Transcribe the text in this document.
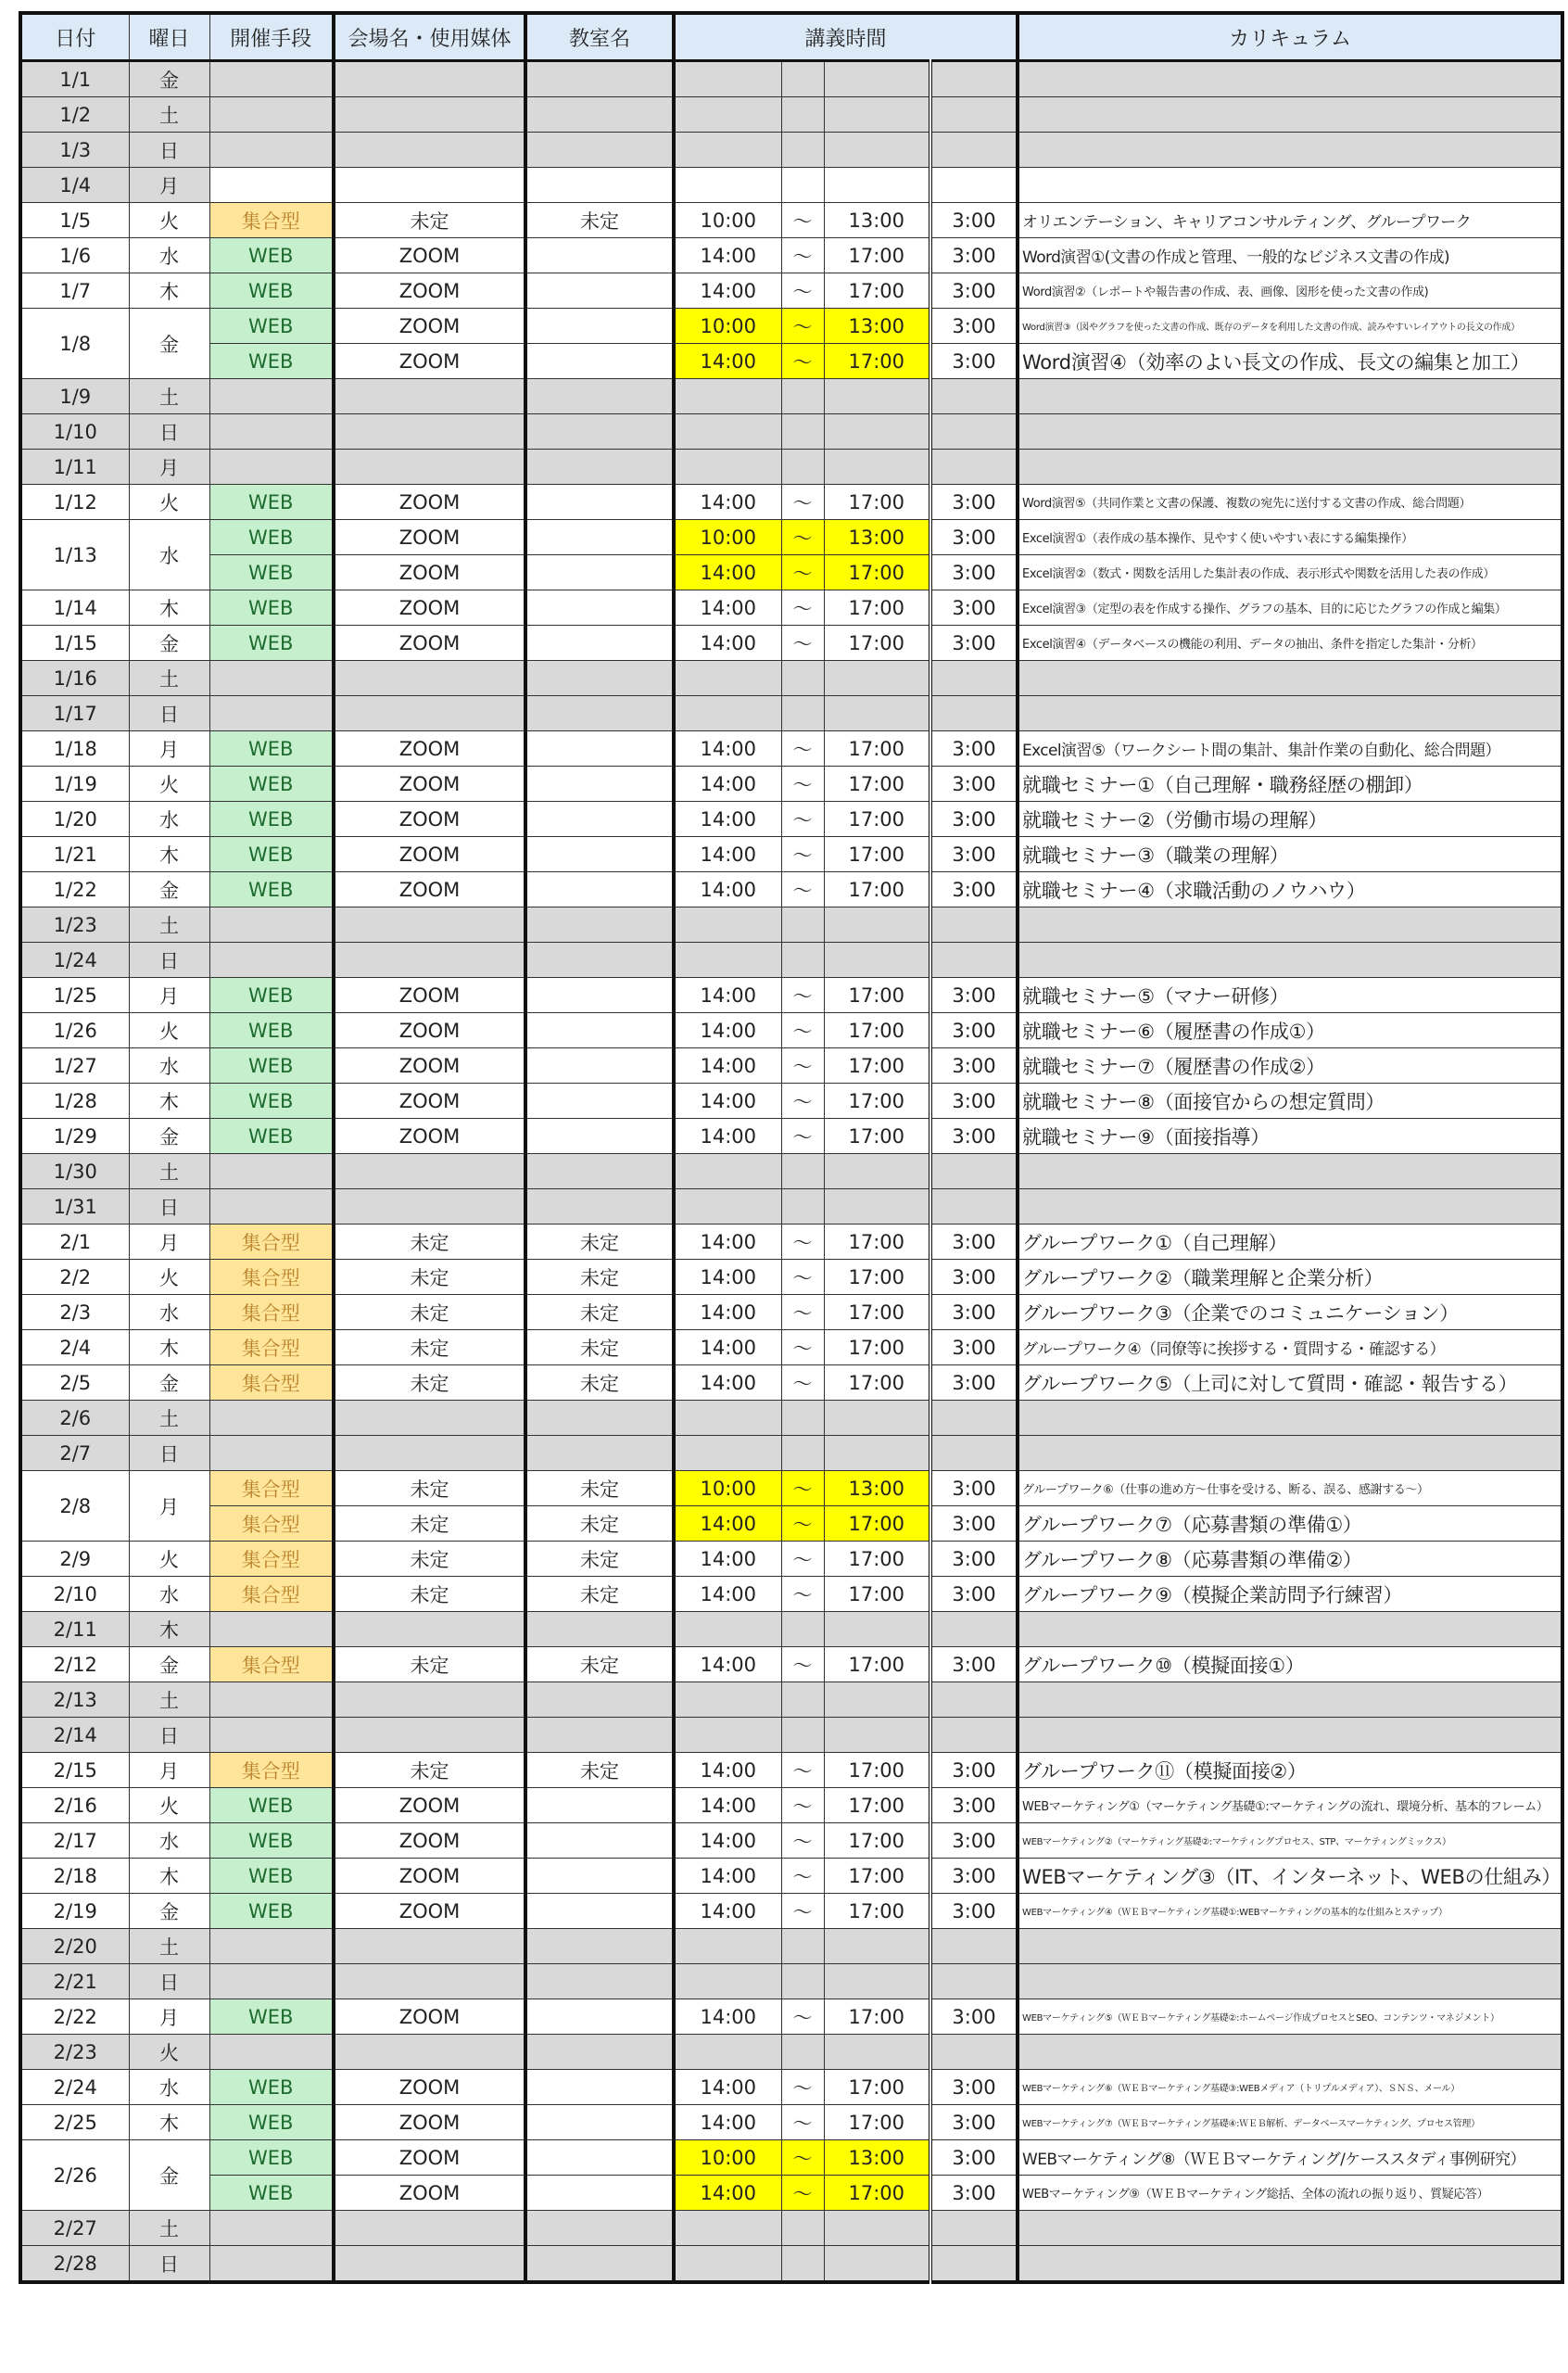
日付	曜日	開催手段	会場名・使用媒体	教室名	講義時間				カリキュラム
1/1	金								
1/2	土								
1/3	日								
1/4	月								
1/5	火	集合型	未定	未定	10:00	～	13:00	3:00	オリエンテーション、キャリアコンサルティング、グループワーク
1/6	水	WEB	ZOOM		14:00	～	17:00	3:00	Word演習①(文書の作成と管理、一般的なビジネス文書の作成)
1/7	木	WEB	ZOOM		14:00	～	17:00	3:00	Word演習②（レポートや報告書の作成、表、画像、図形を使った文書の作成)
1/8	金	WEB	ZOOM		10:00	～	13:00	3:00	Word演習③（図やグラフを使った文書の作成、既存のデータを利用した文書の作成、読みやすいレイアウトの長文の作成）
		WEB	ZOOM		14:00	～	17:00	3:00	Word演習④（効率のよい長文の作成、長文の編集と加工）
1/9	土								
1/10	日								
1/11	月								
1/12	火	WEB	ZOOM		14:00	～	17:00	3:00	Word演習⑤（共同作業と文書の保護、複数の宛先に送付する文書の作成、総合問題）
1/13	水	WEB	ZOOM		10:00	～	13:00	3:00	Excel演習①（表作成の基本操作、見やすく使いやすい表にする編集操作）
		WEB	ZOOM		14:00	～	17:00	3:00	Excel演習②（数式・関数を活用した集計表の作成、表示形式や関数を活用した表の作成）
1/14	木	WEB	ZOOM		14:00	～	17:00	3:00	Excel演習③（定型の表を作成する操作、グラフの基本、目的に応じたグラフの作成と編集）
1/15	金	WEB	ZOOM		14:00	～	17:00	3:00	Excel演習④（データベースの機能の利用、データの抽出、条件を指定した集計・分析）
1/16	土								
1/17	日								
1/18	月	WEB	ZOOM		14:00	～	17:00	3:00	Excel演習⑤（ワークシート間の集計、集計作業の自動化、総合問題）
1/19	火	WEB	ZOOM		14:00	～	17:00	3:00	就職セミナー①（自己理解・職務経歴の棚卸）
1/20	水	WEB	ZOOM		14:00	～	17:00	3:00	就職セミナー②（労働市場の理解）
1/21	木	WEB	ZOOM		14:00	～	17:00	3:00	就職セミナー③（職業の理解）
1/22	金	WEB	ZOOM		14:00	～	17:00	3:00	就職セミナー④（求職活動のノウハウ）
1/23	土								
1/24	日								
1/25	月	WEB	ZOOM		14:00	～	17:00	3:00	就職セミナー⑤（マナー研修）
1/26	火	WEB	ZOOM		14:00	～	17:00	3:00	就職セミナー⑥（履歴書の作成①）
1/27	水	WEB	ZOOM		14:00	～	17:00	3:00	就職セミナー⑦（履歴書の作成②）
1/28	木	WEB	ZOOM		14:00	～	17:00	3:00	就職セミナー⑧（面接官からの想定質問）
1/29	金	WEB	ZOOM		14:00	～	17:00	3:00	就職セミナー⑨（面接指導）
1/30	土								
1/31	日								
2/1	月	集合型	未定	未定	14:00	～	17:00	3:00	グループワーク①（自己理解）
2/2	火	集合型	未定	未定	14:00	～	17:00	3:00	グループワーク②（職業理解と企業分析）
2/3	水	集合型	未定	未定	14:00	～	17:00	3:00	グループワーク③（企業でのコミュニケーション）
2/4	木	集合型	未定	未定	14:00	～	17:00	3:00	グループワーク④（同僚等に挨拶する・質問する・確認する）
2/5	金	集合型	未定	未定	14:00	～	17:00	3:00	グループワーク⑤（上司に対して質問・確認・報告する）
2/6	土								
2/7	日								
2/8	月	集合型	未定	未定	10:00	～	13:00	3:00	グループワーク⑥（仕事の進め方～仕事を受ける、断る、誤る、感謝する～）
		集合型	未定	未定	14:00	～	17:00	3:00	グループワーク⑦（応募書類の準備①）
2/9	火	集合型	未定	未定	14:00	～	17:00	3:00	グループワーク⑧（応募書類の準備②）
2/10	水	集合型	未定	未定	14:00	～	17:00	3:00	グループワーク⑨（模擬企業訪問予行練習）
2/11	木								
2/12	金	集合型	未定	未定	14:00	～	17:00	3:00	グループワーク⑩（模擬面接①）
2/13	土								
2/14	日								
2/15	月	集合型	未定	未定	14:00	～	17:00	3:00	グループワーク⑪（模擬面接②）
2/16	火	WEB	ZOOM		14:00	～	17:00	3:00	WEBマーケティング①（マーケティング基礎①:マーケティングの流れ、環境分析、基本的フレーム）
2/17	水	WEB	ZOOM		14:00	～	17:00	3:00	WEBマーケティング②（マーケティング基礎②:マーケティングプロセス、STP、マーケティングミックス）
2/18	木	WEB	ZOOM		14:00	～	17:00	3:00	WEBマーケティング③（IT、インターネット、WEBの仕組み）
2/19	金	WEB	ZOOM		14:00	～	17:00	3:00	WEBマーケティング④（ＷＥＢマーケティング基礎①:WEBマーケティングの基本的な仕組みとステップ）
2/20	土								
2/21	日								
2/22	月	WEB	ZOOM		14:00	～	17:00	3:00	WEBマーケティング⑤（ＷＥＢマーケティング基礎②:ホームページ作成プロセスとSEO、コンテンツ・マネジメント）
2/23	火								
2/24	水	WEB	ZOOM		14:00	～	17:00	3:00	WEBマーケティング⑥（ＷＥＢマーケティング基礎③:WEBメディア（トリプルメディア）、ＳＮＳ、メール）
2/25	木	WEB	ZOOM		14:00	～	17:00	3:00	WEBマーケティング⑦（ＷＥＢマーケティング基礎④:ＷＥＢ解析、データベースマーケティング、プロセス管理）
2/26	金	WEB	ZOOM		10:00	～	13:00	3:00	WEBマーケティング⑧（ＷＥＢマーケティング/ケーススタディ事例研究）
		WEB	ZOOM		14:00	～	17:00	3:00	WEBマーケティング⑨（ＷＥＢマーケティング総括、全体の流れの振り返り、質疑応答）
2/27	土								
2/28	日								
